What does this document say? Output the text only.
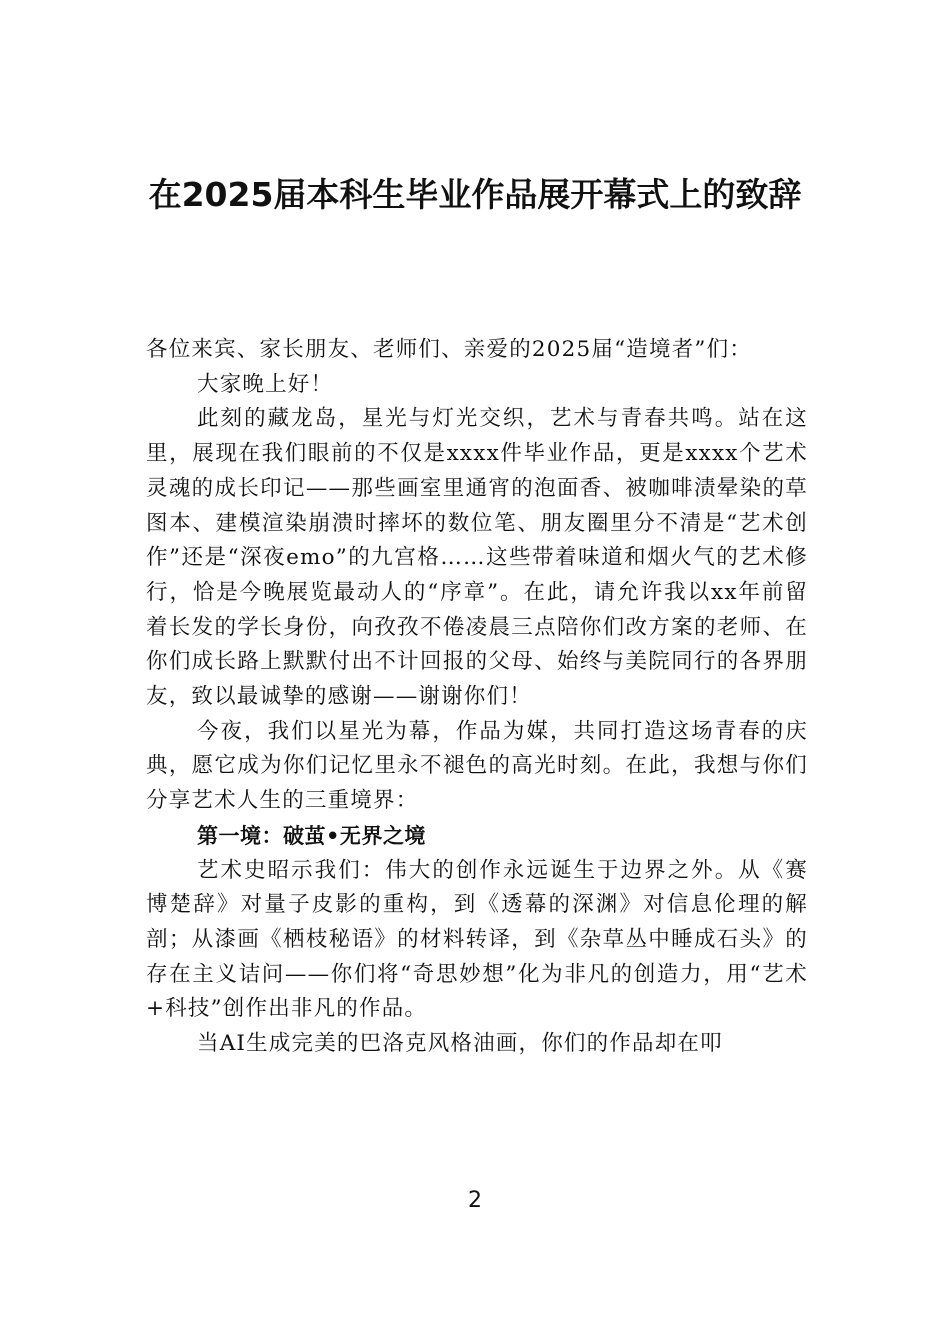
在2025届本科生毕业作品展开幕式上的致辞

各位来宾、家长朋友、老师们、亲爱的2025届“造境者”们：

大家晚上好！

此刻的藏龙岛，星光与灯光交织，艺术与青春共鸣。站在这里，展现在我们眼前的不仅是xxxx件毕业作品，更是xxxx个艺术灵魂的成长印记——那些画室里通宵的泡面香、被咖啡渍晕染的草图本、建模渲染崩溃时摔坏的数位笔、朋友圈里分不清是“艺术创作”还是“深夜emo”的九宫格……这些带着味道和烟火气的艺术修行，恰是今晚展览最动人的“序章”。在此，请允许我以xx年前留着长发的学长身份，向孜孜不倦凌晨三点陪你们改方案的老师、在你们成长路上默默付出不计回报的父母、始终与美院同行的各界朋友，致以最诚挚的感谢——谢谢你们！

今夜，我们以星光为幕，作品为媒，共同打造这场青春的庆典，愿它成为你们记忆里永不褪色的高光时刻。在此，我想与你们分享艺术人生的三重境界：

第一境：破茧•无界之境

艺术史昭示我们：伟大的创作永远诞生于边界之外。从《赛博楚辞》对量子皮影的重构，到《透幕的深渊》对信息伦理的解剖；从漆画《栖枝秘语》的材料转译，到《杂草丛中睡成石头》的存在主义诘问——你们将“奇思妙想”化为非凡的创造力，用“艺术+科技”创作出非凡的作品。

当AI生成完美的巴洛克风格油画，你们的作品却在叩

2
